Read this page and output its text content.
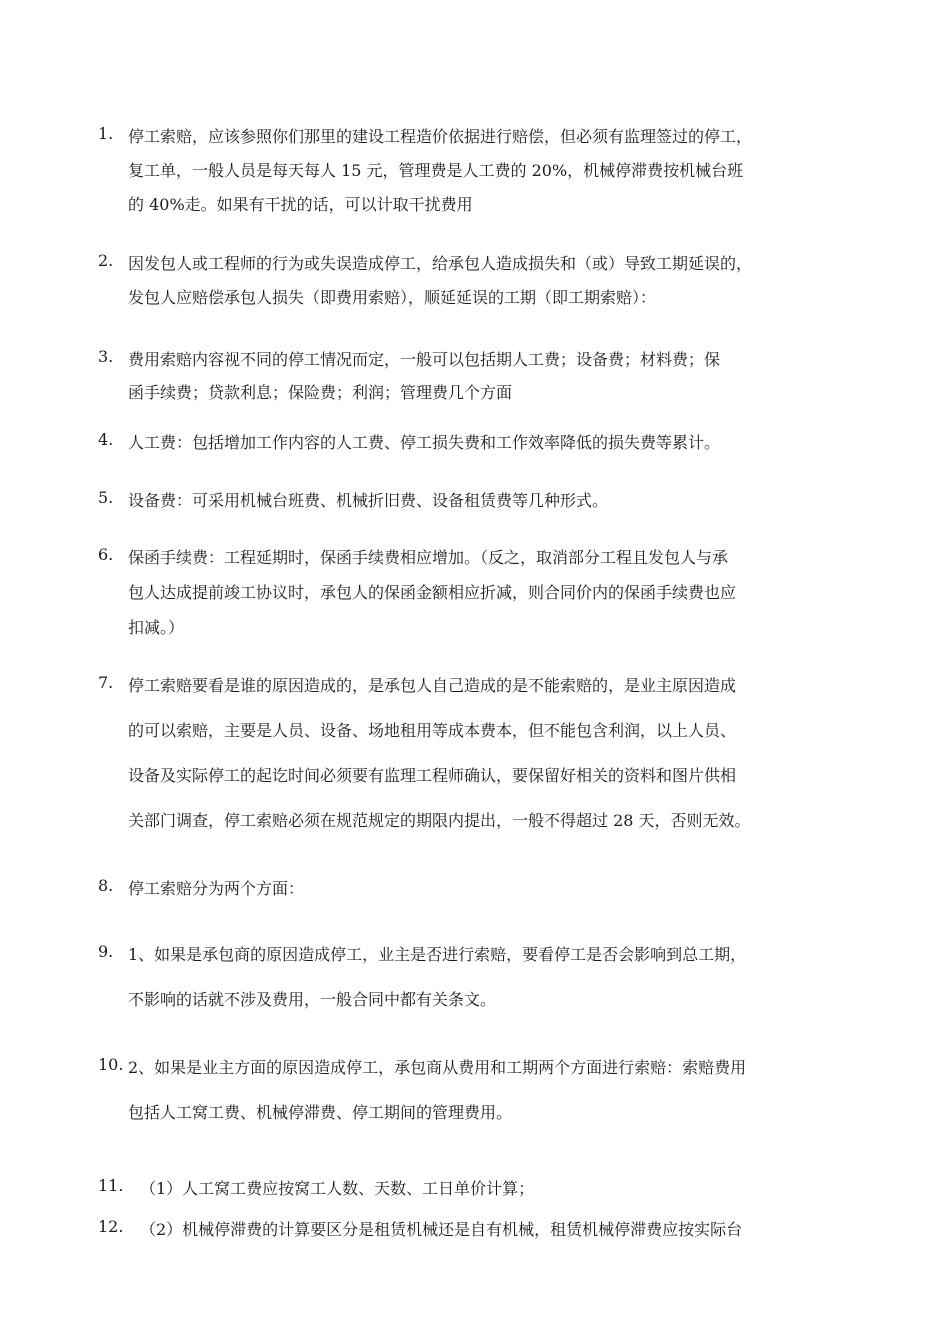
1. 停工索赔，应该参照你们那里的建设工程造价依据进行赔偿，但必须有监理签过的停工，
复工单，一般人员是每天每人 15 元，管理费是人工费的 20%，机械停滞费按机械台班
的 40%走。如果有干扰的话，可以计取干扰费用
2. 因发包人或工程师的行为或失误造成停工，给承包人造成损失和（或）导致工期延误的，
发包人应赔偿承包人损失（即费用索赔），顺延延误的工期（即工期索赔）：
3. 费用索赔内容视不同的停工情况而定，一般可以包括期人工费；设备费；材料费；保
函手续费；贷款利息；保险费；利润；管理费几个方面
4. 人工费：包括增加工作内容的人工费、停工损失费和工作效率降低的损失费等累计。
5. 设备费：可采用机械台班费、机械折旧费、设备租赁费等几种形式。
6. 保函手续费：工程延期时，保函手续费相应增加。（反之，取消部分工程且发包人与承
包人达成提前竣工协议时，承包人的保函金额相应折减，则合同价内的保函手续费也应
扣减。）
7. 停工索赔要看是谁的原因造成的，是承包人自己造成的是不能索赔的，是业主原因造成
的可以索赔，主要是人员、设备、场地租用等成本费本，但不能包含利润，以上人员、
设备及实际停工的起讫时间必须要有监理工程师确认，要保留好相关的资料和图片供相
关部门调查，停工索赔必须在规范规定的期限内提出，一般不得超过 28 天，否则无效。
8. 停工索赔分为两个方面：
9. 1、如果是承包商的原因造成停工，业主是否进行索赔，要看停工是否会影响到总工期，
不影响的话就不涉及费用，一般合同中都有关条文。
10. 2、如果是业主方面的原因造成停工，承包商从费用和工期两个方面进行索赔：索赔费用
包括人工窝工费、机械停滞费、停工期间的管理费用。
11. （1）人工窝工费应按窝工人数、天数、工日单价计算；
12. （2）机械停滞费的计算要区分是租赁机械还是自有机械，租赁机械停滞费应按实际台
